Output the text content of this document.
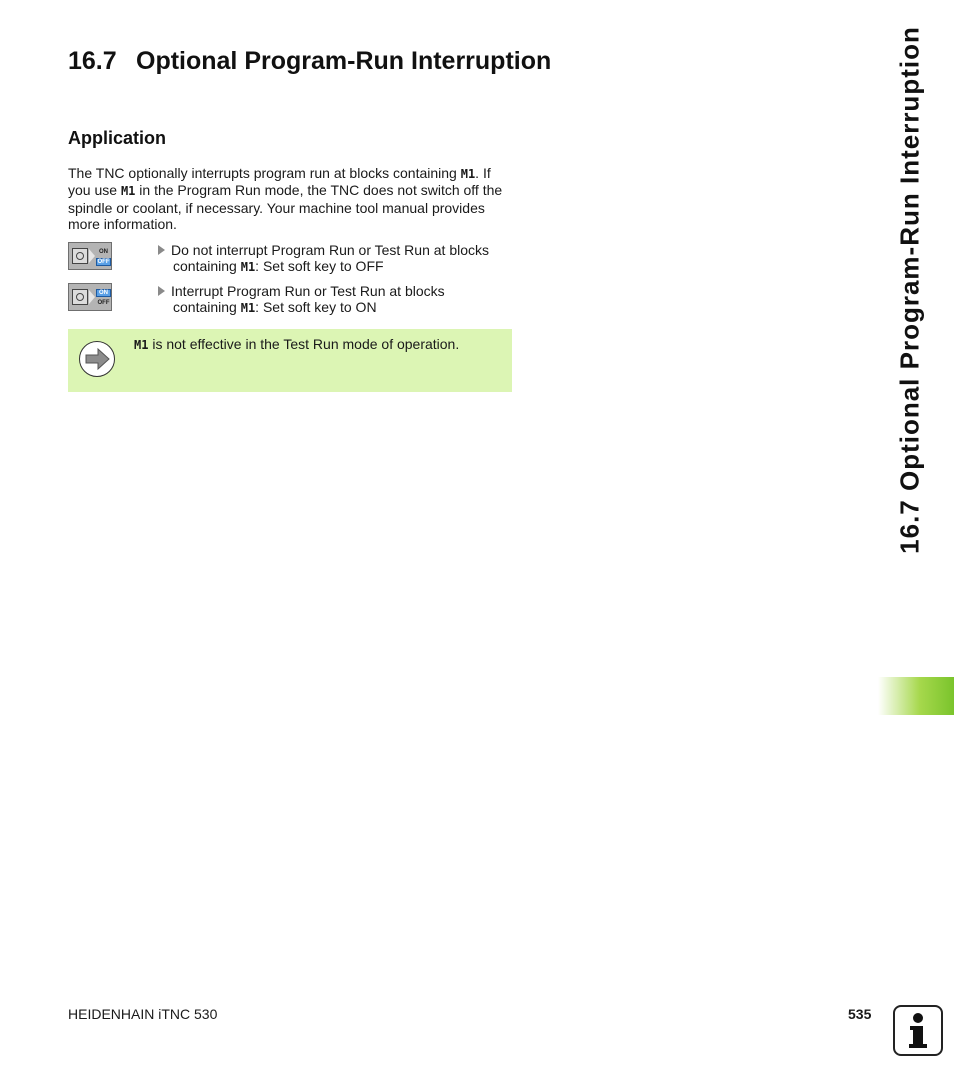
16.7 Optional Program-Run Interruption
Application
The TNC optionally interrupts program run at blocks containing M1. If you use M1 in the Program Run mode, the TNC does not switch off the spindle or coolant, if necessary. Your machine tool manual provides more information.
ON
OFF
Do not interrupt Program Run or Test Run at blocks
containing M1: Set soft key to OFF
ON
OFF
Interrupt Program Run or Test Run at blocks
containing M1: Set soft key to ON
M1 is not effective in the Test Run mode of operation.	16.7 Optional Program-Run Interruption
HEIDENHAIN iTNC 530	535
